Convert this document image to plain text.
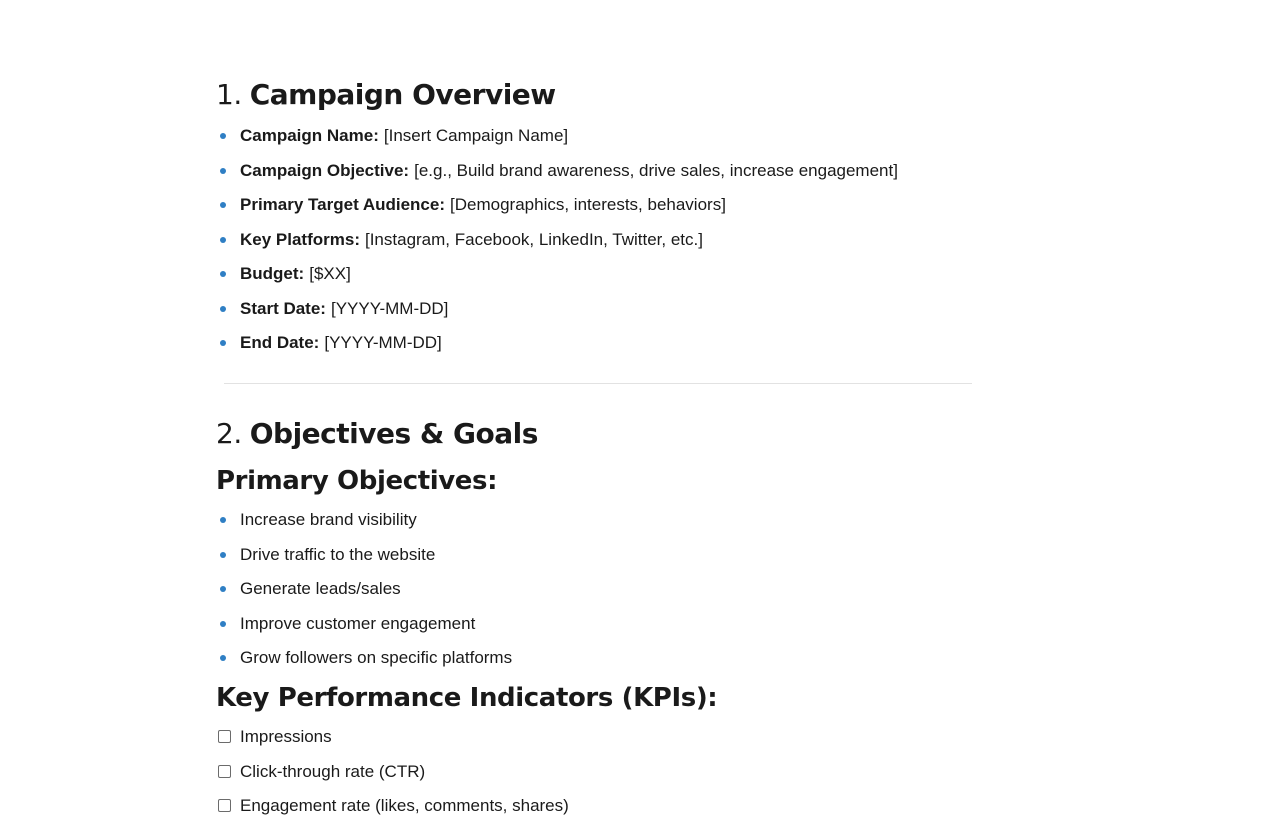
1. Campaign Overview
Campaign Name: [Insert Campaign Name]
Campaign Objective: [e.g., Build brand awareness, drive sales, increase engagement]
Primary Target Audience: [Demographics, interests, behaviors]
Key Platforms: [Instagram, Facebook, LinkedIn, Twitter, etc.]
Budget: [$XX]
Start Date: [YYYY-MM-DD]
End Date: [YYYY-MM-DD]
2. Objectives & Goals
Primary Objectives:
Increase brand visibility
Drive traffic to the website
Generate leads/sales
Improve customer engagement
Grow followers on specific platforms
Key Performance Indicators (KPIs):
Impressions
Click-through rate (CTR)
Engagement rate (likes, comments, shares)
